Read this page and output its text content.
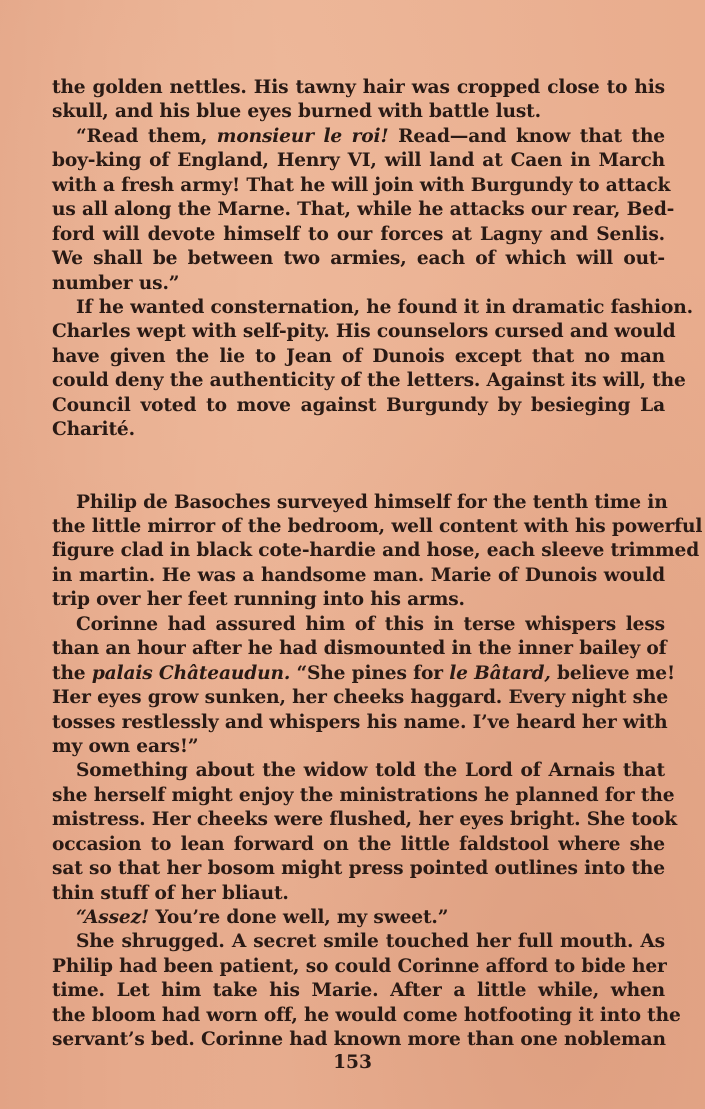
the golden nettles. His tawny hair was cropped close to his
skull, and his blue eyes burned with battle lust.
“Read them, monsieur le roi! Read—and know that the
boy-king of England, Henry VI, will land at Caen in March
with a fresh army! That he will join with Burgundy to attack
us all along the Marne. That, while he attacks our rear, Bed-
ford will devote himself to our forces at Lagny and Senlis.
We shall be between two armies, each of which will out-
number us.”
If he wanted consternation, he found it in dramatic fashion.
Charles wept with self-pity. His counselors cursed and would
have given the lie to Jean of Dunois except that no man
could deny the authenticity of the letters. Against its will, the
Council voted to move against Burgundy by besieging La
Charité.
Philip de Basoches surveyed himself for the tenth time in
the little mirror of the bedroom, well content with his powerful
figure clad in black cote-hardie and hose, each sleeve trimmed
in martin. He was a handsome man. Marie of Dunois would
trip over her feet running into his arms.
Corinne had assured him of this in terse whispers less
than an hour after he had dismounted in the inner bailey of
the palais Châteaudun. “She pines for le Bâtard, believe me!
Her eyes grow sunken, her cheeks haggard. Every night she
tosses restlessly and whispers his name. I’ve heard her with
my own ears!”
Something about the widow told the Lord of Arnais that
she herself might enjoy the ministrations he planned for the
mistress. Her cheeks were flushed, her eyes bright. She took
occasion to lean forward on the little faldstool where she
sat so that her bosom might press pointed outlines into the
thin stuff of her bliaut.
“Assez! You’re done well, my sweet.”
She shrugged. A secret smile touched her full mouth. As
Philip had been patient, so could Corinne afford to bide her
time. Let him take his Marie. After a little while, when
the bloom had worn off, he would come hotfooting it into the
servant’s bed. Corinne had known more than one nobleman
153
